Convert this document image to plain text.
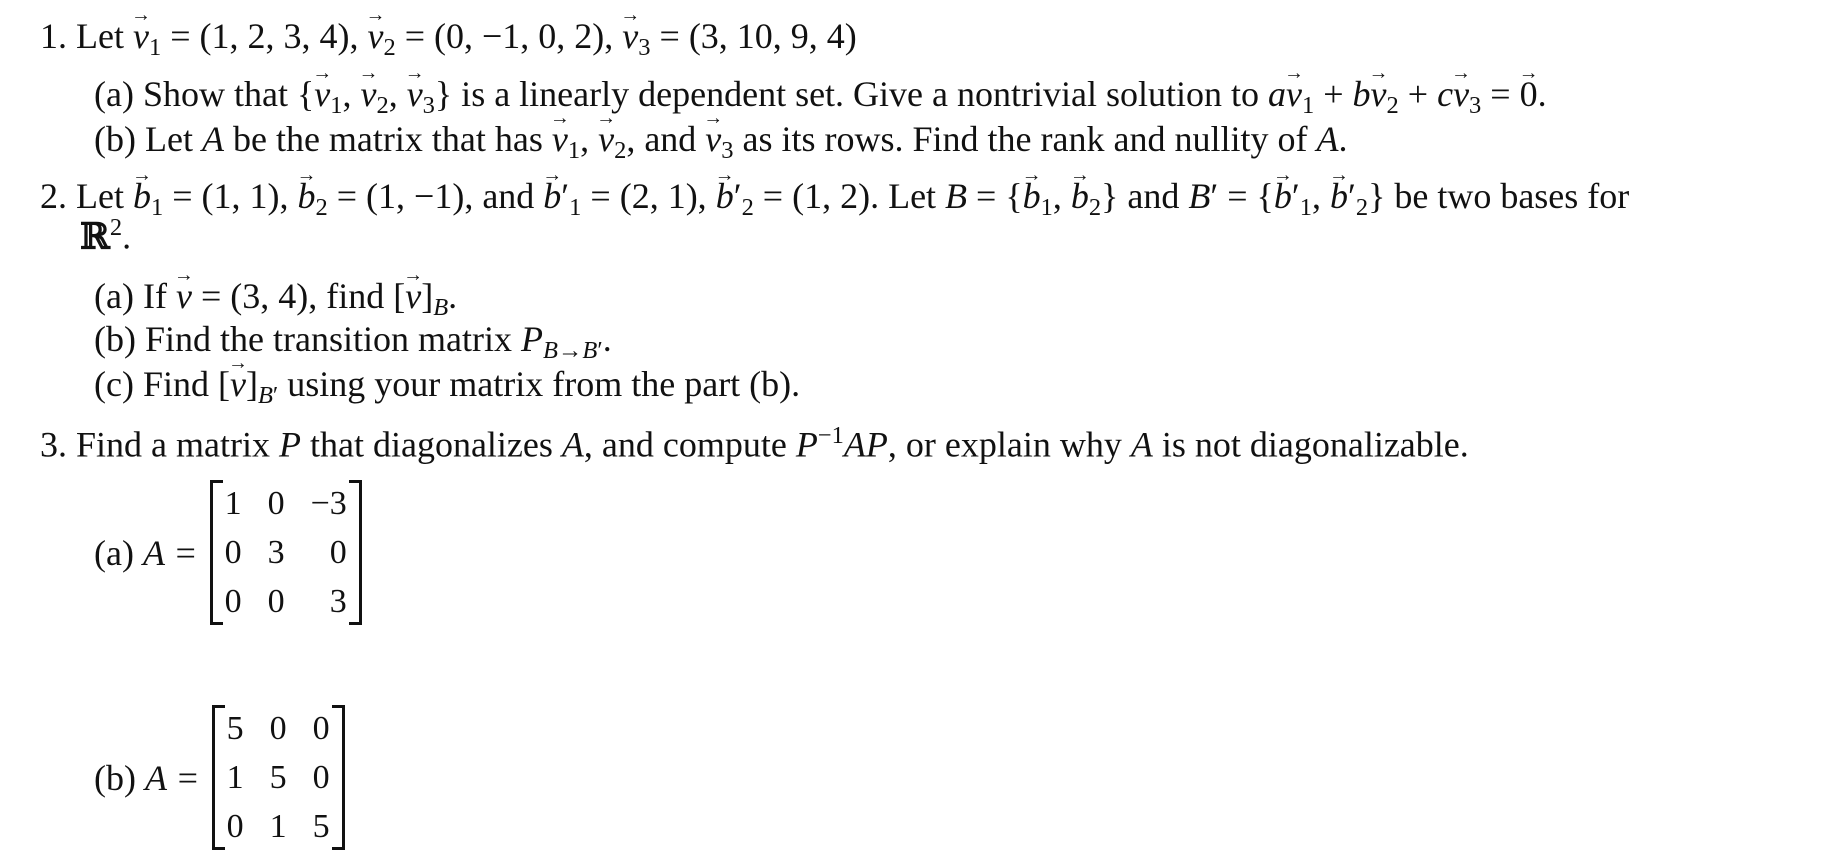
1. Let → $v_1 = (1$, 2, 3, 4), → $v_2 = (0$, −1, 0, 2), → $v_3 = (3$, 10, 9, 4)
(a) Show that {→ $v_1$, → $v_2$, → $v_3$} is a linearly dependent set. Give a nontrivial solution to $a\to v_1 + b\to v_2 + c\to v_3$ = → 0.
(b) Let A be the matrix that has → $v_1$, → $v_2$, and → $v_3$ as its rows. Find the rank and nullity of A.
2. Let → $b_1 = (1$, 1), → $b_2 = (1$, −1), and → $b'_1 = (2$, 1), → $b'_2 = (1$, 2). Let B = {→ $b_1$, → $b_2$} and B′ = {→ $b'_1$, → $b'_2$} be two bases for
ℝ$^2$.
(a) If → v = (3, 4), find [→ $v]_B$.
(b) Find the transition matrix $P_{B\to B'}$.
(c) Find [→ $v]_{B'}$ using your matrix from the part (b).
3. Find a matrix P that diagonalizes A, and compute $P^{-1}AP$, or explain why A is not diagonalizable.
(a) A =
1 0 −3
0 3	0
0 0	3
(b) A =
5 0 0
1 5 0
0 1 5
